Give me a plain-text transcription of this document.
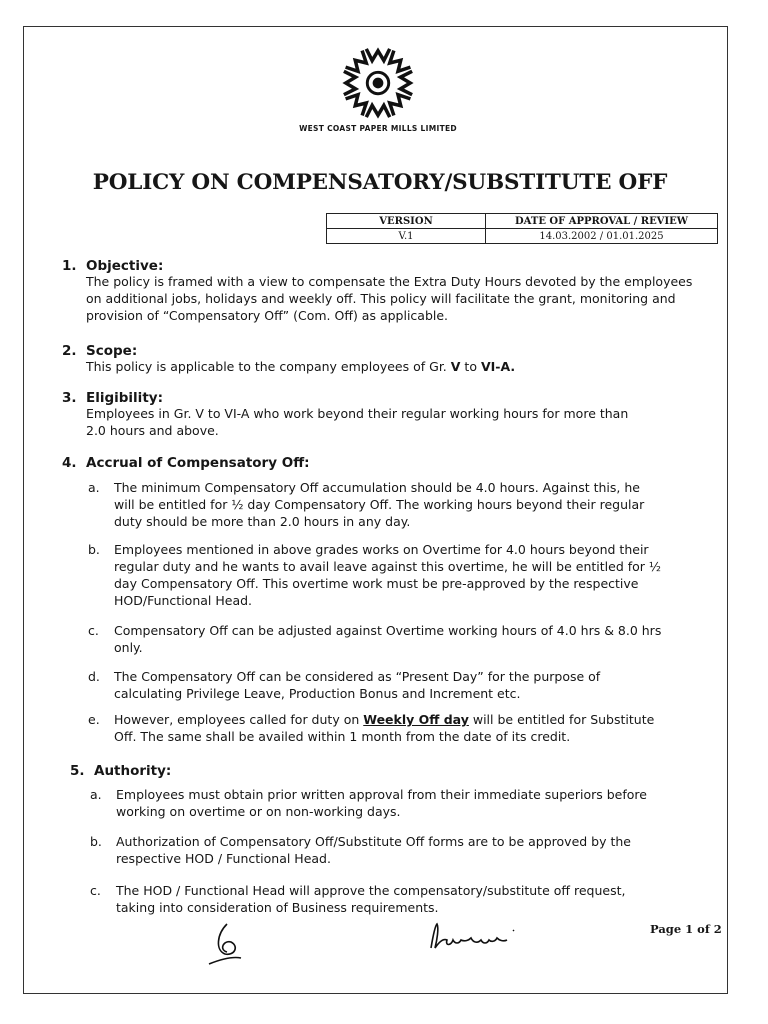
WEST COAST PAPER MILLS LIMITED
POLICY ON COMPENSATORY/SUBSTITUTE OFF
VERSION	DATE OF APPROVAL / REVIEW
V.1	14.03.2002 / 01.01.2025
1. Objective:
The policy is framed with a view to compensate the Extra Duty Hours devoted by the employees
on additional jobs, holidays and weekly off. This policy will facilitate the grant, monitoring and
provision of “Compensatory Off” (Com. Off) as applicable.
2. Scope:
This policy is applicable to the company employees of Gr. V to VI-A.
3. Eligibility:
Employees in Gr. V to VI-A who work beyond their regular working hours for more than
2.0 hours and above.
4. Accrual of Compensatory Off:
a. The minimum Compensatory Off accumulation should be 4.0 hours. Against this, he
will be entitled for ½ day Compensatory Off. The working hours beyond their regular
duty should be more than 2.0 hours in any day.
b. Employees mentioned in above grades works on Overtime for 4.0 hours beyond their
regular duty and he wants to avail leave against this overtime, he will be entitled for ½
day Compensatory Off. This overtime work must be pre-approved by the respective
HOD/Functional Head.
c. Compensatory Off can be adjusted against Overtime working hours of 4.0 hrs & 8.0 hrs
only.
d. The Compensatory Off can be considered as “Present Day” for the purpose of
calculating Privilege Leave, Production Bonus and Increment etc.
e. However, employees called for duty on Weekly Off day will be entitled for Substitute
Off. The same shall be availed within 1 month from the date of its credit.
5. Authority:
a. Employees must obtain prior written approval from their immediate superiors before
working on overtime or on non-working days.
b. Authorization of Compensatory Off/Substitute Off forms are to be approved by the
respective HOD / Functional Head.
c. The HOD / Functional Head will approve the compensatory/substitute off request,
taking into consideration of Business requirements.
Page 1 of 2
